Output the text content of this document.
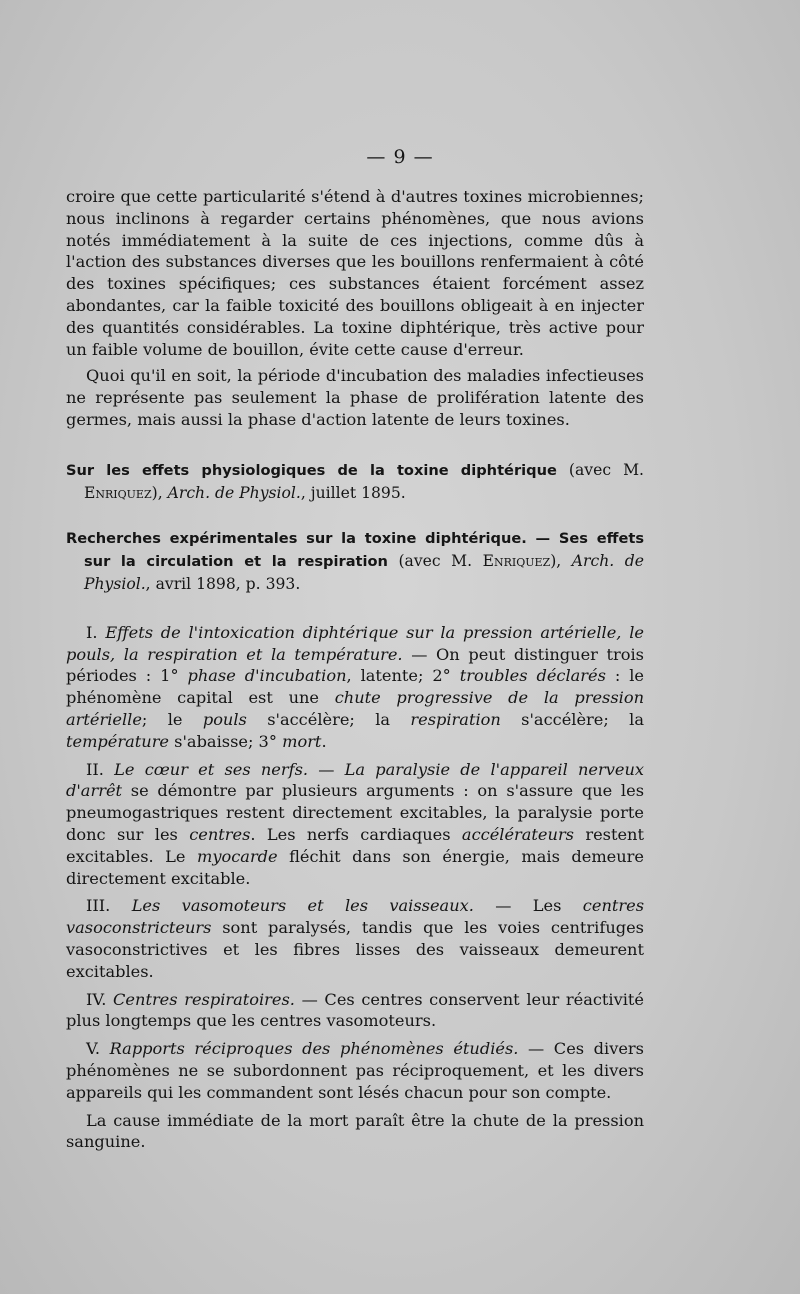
— 9 —

croire que cette particularité s'étend à d'autres toxines microbiennes; nous inclinons à regarder certains phénomènes, que nous avions notés immédiatement à la suite de ces injections, comme dûs à l'action des substances diverses que les bouillons renfermaient à côté des toxines spécifiques; ces substances étaient forcément assez abondantes, car la faible toxicité des bouillons obligeait à en injecter des quantités considérables. La toxine diphtérique, très active pour un faible volume de bouillon, évite cette cause d'erreur.

Quoi qu'il en soit, la période d'incubation des maladies infectieuses ne représente pas seulement la phase de prolifération latente des germes, mais aussi la phase d'action latente de leurs toxines.

Sur les effets physiologiques de la toxine diphtérique (avec M. Enriquez), Arch. de Physiol., juillet 1895.

Recherches expérimentales sur la toxine diphtérique. — Ses effets sur la circulation et la respiration (avec M. Enriquez), Arch. de Physiol., avril 1898, p. 393.

I. Effets de l'intoxication diphtérique sur la pression artérielle, le pouls, la respiration et la température. — On peut distinguer trois périodes : 1° phase d'incubation, latente; 2° troubles déclarés : le phénomène capital est une chute progressive de la pression artérielle; le pouls s'accélère; la respiration s'accélère; la température s'abaisse; 3° mort.

II. Le cœur et ses nerfs. — La paralysie de l'appareil nerveux d'arrêt se démontre par plusieurs arguments : on s'assure que les pneumogastriques restent directement excitables, la paralysie porte donc sur les centres. Les nerfs cardiaques accélérateurs restent excitables. Le myocarde fléchit dans son énergie, mais demeure directement excitable.

III. Les vasomoteurs et les vaisseaux. — Les centres vasoconstricteurs sont paralysés, tandis que les voies centrifuges vasoconstrictives et les fibres lisses des vaisseaux demeurent excitables.

IV. Centres respiratoires. — Ces centres conservent leur réactivité plus longtemps que les centres vasomoteurs.

V. Rapports réciproques des phénomènes étudiés. — Ces divers phénomènes ne se subordonnent pas réciproquement, et les divers appareils qui les commandent sont lésés chacun pour son compte.

La cause immédiate de la mort paraît être la chute de la pression sanguine.
